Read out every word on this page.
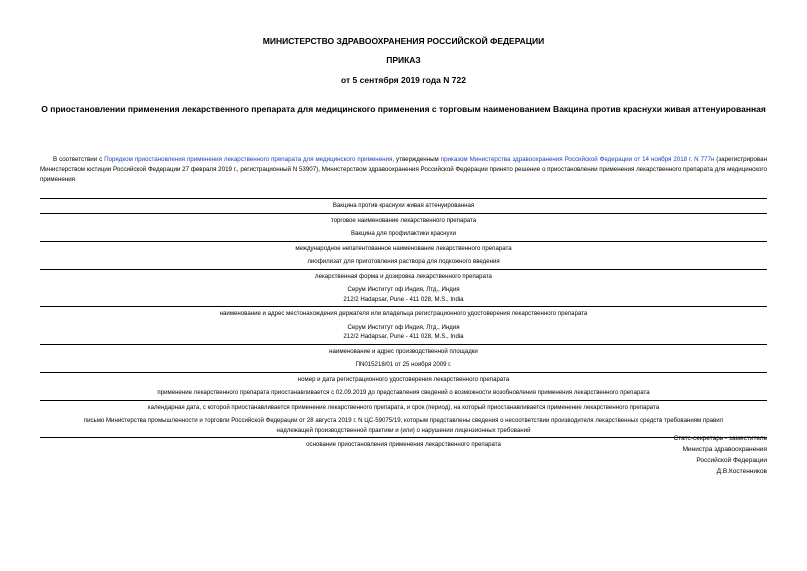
МИНИСТЕРСТВО ЗДРАВООХРАНЕНИЯ РОССИЙСКОЙ ФЕДЕРАЦИИ
ПРИКАЗ
от 5 сентября 2019 года N 722
О приостановлении применения лекарственного препарата для медицинского применения с торговым наименованием Вакцина против краснухи живая аттенуированная
В соответствии с Порядком приостановления применения лекарственного препарата для медицинского применения, утвержденным приказом Министерства здравоохранения Российской Федерации от 14 ноября 2018 г. N 777н (зарегистрирован Министерством юстиции Российской Федерации 27 февраля 2019 г., регистрационный N 53907), Министерством здравоохранения Российской Федерации принято решение о приостановлении применения лекарственного препарата для медицинского применения
Вакцина против краснухи живая аттенуированная
торговое наименование лекарственного препарата
Вакцина для профилактики краснухи
международное непатентованное наименование лекарственного препарата
лиофилизат для приготовления раствора для подкожного введения
лекарственная форма и дозировка лекарственного препарата
Серум Институт оф Индия, Лтд., Индия
212/2 Hadapsar, Pune - 411 028, M.S., India
наименование и адрес местонахождения держателя или владельца регистрационного удостоверения лекарственного препарата
Серум Институт оф Индия, Лтд., Индия
212/2 Hadapsar, Pune - 411 028, M.S., India
наименование и адрес производственной площадки
ПN015218/01 от 25 ноября 2009 г.
номер и дата регистрационного удостоверения лекарственного препарата
применение лекарственного препарата приостанавливается с 02.09.2019 до представления сведений о возможности возобновления применения лекарственного препарата
календарная дата, с которой приостанавливается применение лекарственного препарата, и срок (период), на который приостанавливается применение лекарственного препарата
письмо Министерства промышленности и торговли Российской Федерации от 28 августа 2019 г. N ЦС-59075/19, которым представлены сведения о несоответствии производителя лекарственных средств требованиям правил
надлежащей производственной практики и (или) о нарушении лицензионных требований
основание приостановления применения лекарственного препарата
Статс-секретарь - заместитель
Министра здравоохранения
Российской Федерации
Д.В.Костенников
